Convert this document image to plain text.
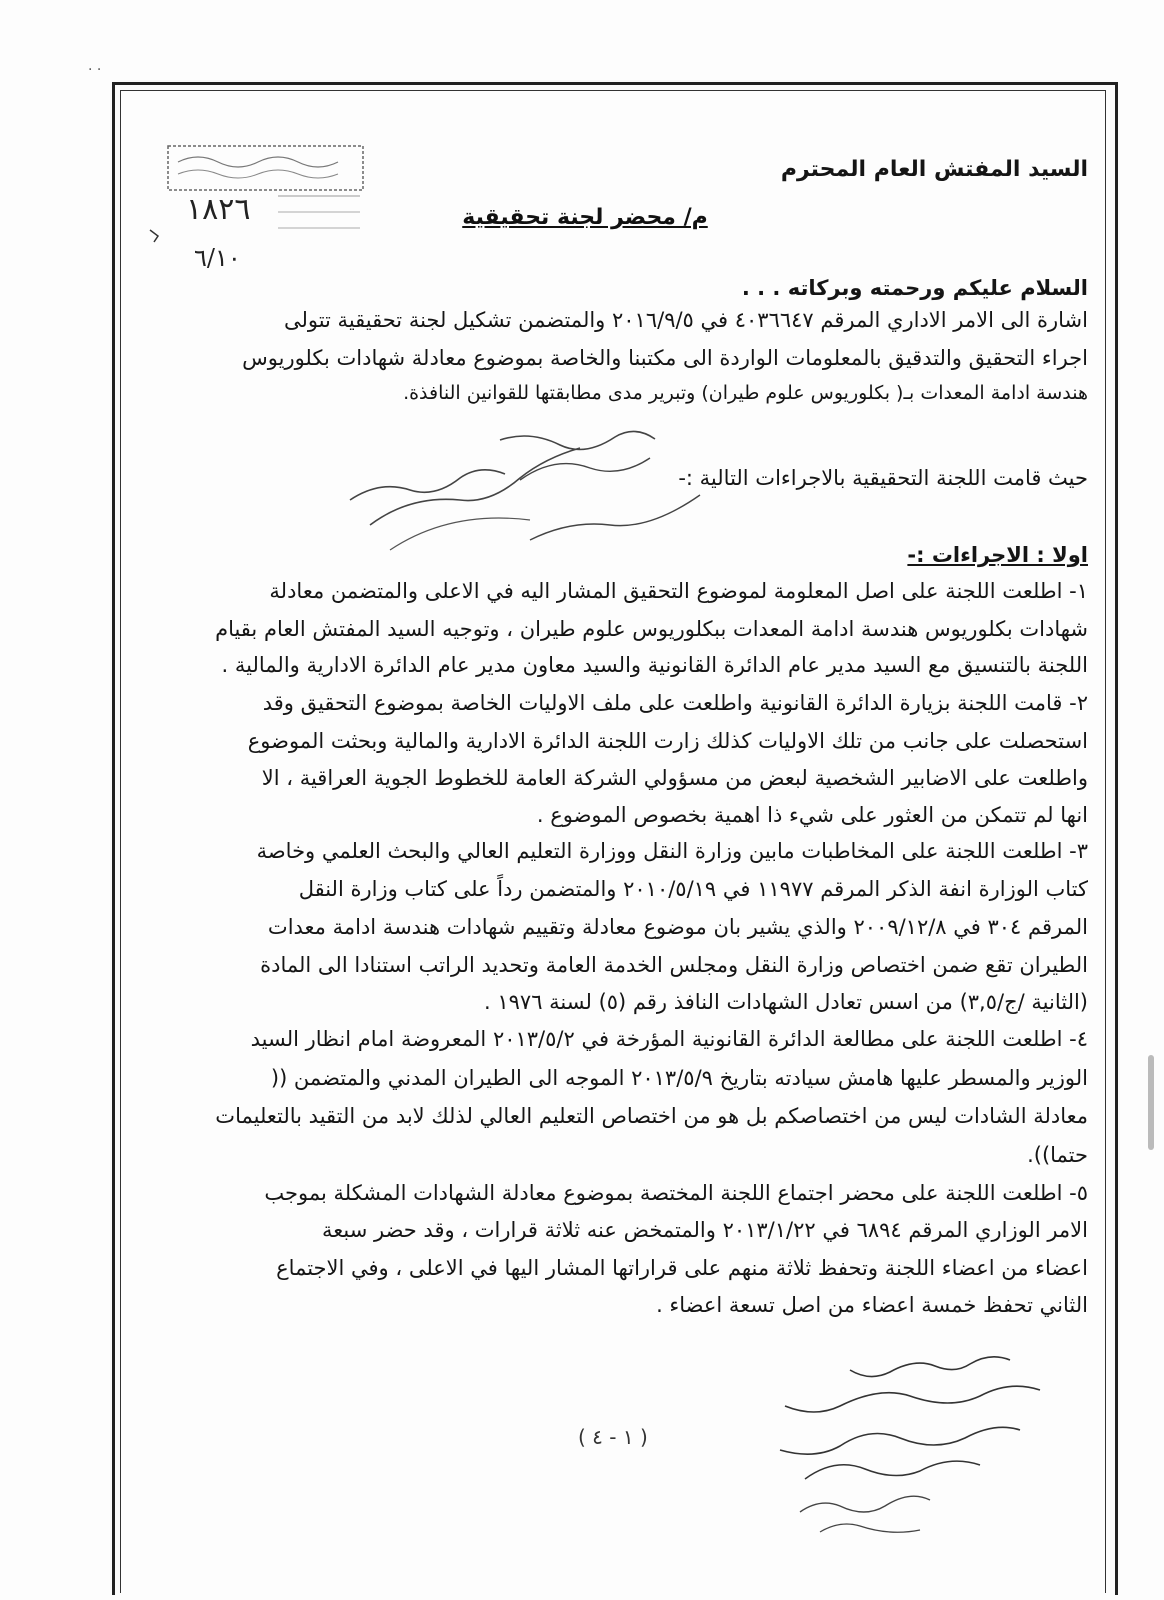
· ·
١٨٢٦
٦/١٠
السيد المفتش العام المحترم
م/ محضر لجنة تحقيقية
السلام عليكم ورحمته وبركاته . . .
اشارة الى الامر الاداري المرقم ٤٠٣٦٦٤٧ في ٢٠١٦/٩/٥ والمتضمن تشكيل لجنة تحقيقية تتولى
اجراء التحقيق والتدقيق بالمعلومات الواردة الى مكتبنا والخاصة بموضوع معادلة شهادات بكلوريوس
هندسة ادامة المعدات بـ( بكلوريوس علوم طيران) وتبرير مدى مطابقتها للقوانين النافذة.
حيث قامت اللجنة التحقيقية بالاجراءات التالية :-
اولا : الاجراءات :-
١- اطلعت اللجنة على اصل المعلومة لموضوع التحقيق المشار اليه في الاعلى والمتضمن معادلة
شهادات بكلوريوس هندسة ادامة المعدات ببكلوريوس علوم طيران ، وتوجيه السيد المفتش العام بقيام
اللجنة بالتنسيق مع السيد مدير عام الدائرة القانونية والسيد معاون مدير عام الدائرة الادارية والمالية .
٢- قامت اللجنة بزيارة الدائرة القانونية واطلعت على ملف الاوليات الخاصة بموضوع التحقيق وقد
استحصلت على جانب من تلك الاوليات كذلك زارت اللجنة الدائرة الادارية والمالية وبحثت الموضوع
واطلعت على الاضابير الشخصية لبعض من مسؤولي الشركة العامة للخطوط الجوية العراقية ، الا
انها لم تتمكن من العثور على شيء ذا اهمية بخصوص الموضوع .
٣- اطلعت اللجنة على المخاطبات مابين وزارة النقل ووزارة التعليم العالي والبحث العلمي وخاصة
كتاب الوزارة انفة الذكر المرقم ١١٩٧٧ في ٢٠١٠/٥/١٩ والمتضمن رداً على كتاب وزارة النقل
المرقم ٣٠٤ في ٢٠٠٩/١٢/٨ والذي يشير بان موضوع معادلة وتقييم شهادات هندسة ادامة معدات
الطيران تقع ضمن اختصاص وزارة النقل ومجلس الخدمة العامة وتحديد الراتب استنادا الى المادة
(الثانية /ج/٣,٥) من اسس تعادل الشهادات النافذ رقم (٥) لسنة ١٩٧٦ .
٤- اطلعت اللجنة على مطالعة الدائرة القانونية المؤرخة في ٢٠١٣/٥/٢ المعروضة امام انظار السيد
الوزير والمسطر عليها هامش سيادته بتاريخ ٢٠١٣/٥/٩ الموجه الى الطيران المدني والمتضمن ((
معادلة الشادات ليس من اختصاصكم بل هو من اختصاص التعليم العالي لذلك لابد من التقيد بالتعليمات
حتما)).
٥- اطلعت اللجنة على محضر اجتماع اللجنة المختصة بموضوع معادلة الشهادات المشكلة بموجب
الامر الوزاري المرقم ٦٨٩٤ في ٢٠١٣/١/٢٢ والمتمخض عنه ثلاثة قرارات ، وقد حضر سبعة
اعضاء من اعضاء اللجنة وتحفظ ثلاثة منهم على قراراتها المشار اليها في الاعلى ، وفي الاجتماع
الثاني تحفظ خمسة اعضاء من اصل تسعة اعضاء .
( ١ - ٤ )
